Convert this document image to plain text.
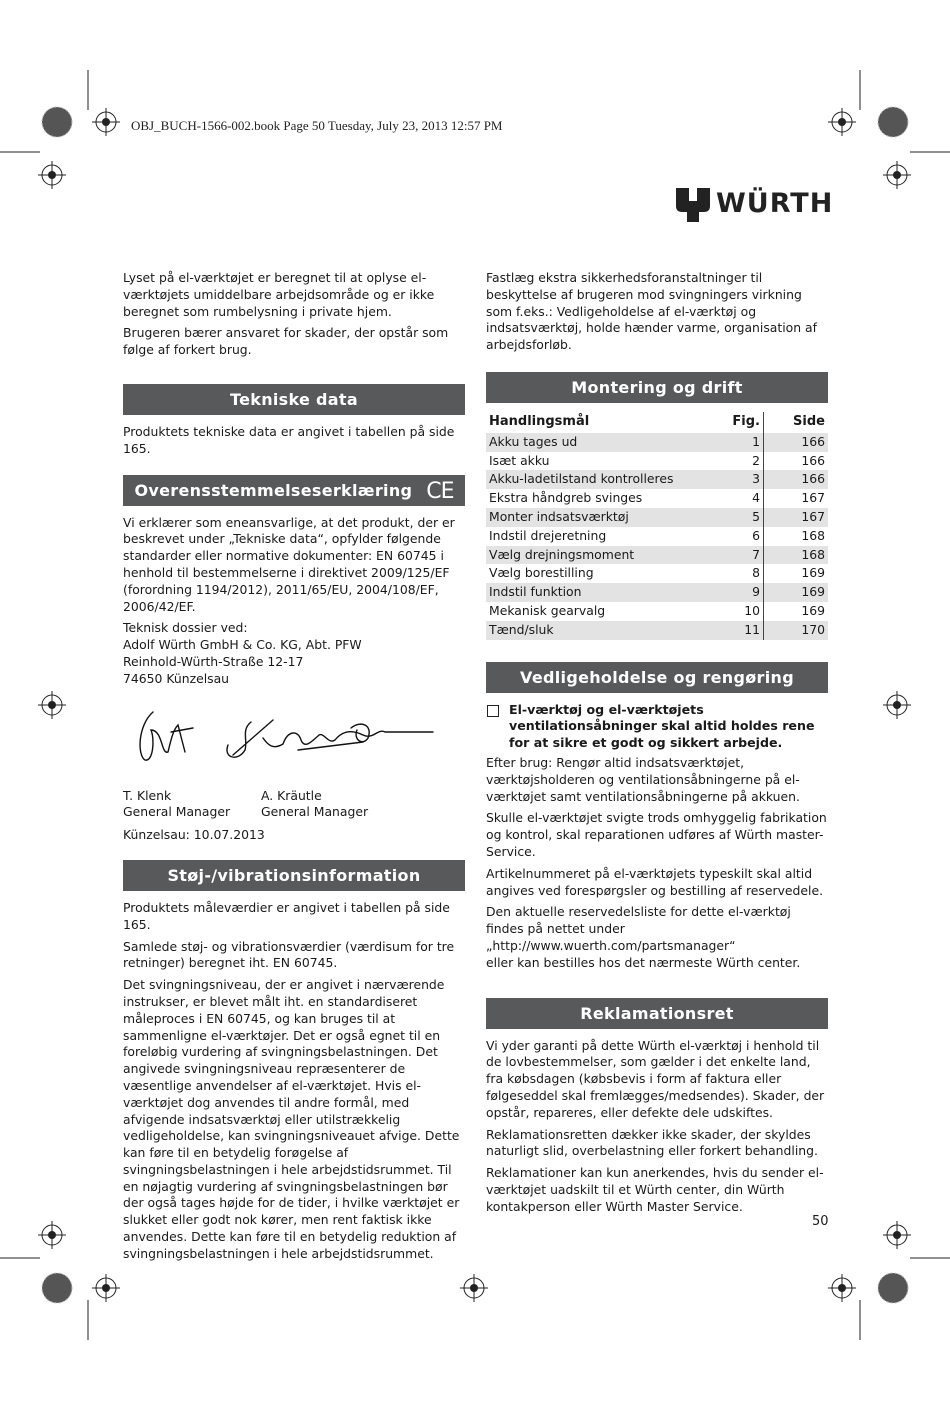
OBJ_BUCH-1566-002.book Page 50 Tuesday, July 23, 2013 12:57 PM
WÜRTH

Lyset på el-værktøjet er beregnet til at oplyse el-værktøjets umiddelbare arbejdsområde og er ikke beregnet som rumbelysning i private hjem.

Brugeren bærer ansvaret for skader, der opstår som følge af forkert brug.

Tekniske data

Produktets tekniske data er angivet i tabellen på side 165.

Overensstemmelseserklæring CE

Vi erklærer som eneansvarlige, at det produkt, der er beskrevet under „Tekniske data“, opfylder følgende standarder eller normative dokumenter: EN 60745 i henhold til bestemmelserne i direktivet 2009/125/EF (forordning 1194/2012), 2011/65/EU, 2004/108/EF, 2006/42/EF.

Teknisk dossier ved:
Adolf Würth GmbH & Co. KG, Abt. PFW
Reinhold-Würth-Straße 12-17
74650 Künzelsau
T. Klenk
General Manager
A. Kräutle
General Manager

Künzelsau: 10.07.2013

Støj-/vibrationsinformation

Produktets måleværdier er angivet i tabellen på side 165.

Samlede støj- og vibrationsværdier (værdisum for tre retninger) beregnet iht. EN 60745.

Det svingningsniveau, der er angivet i nærværende instrukser, er blevet målt iht. en standardiseret måleproces i EN 60745, og kan bruges til at sammenligne el-værktøjer. Det er også egnet til en foreløbig vurdering af svingningsbelastningen. Det angivede svingningsniveau repræsenterer de væsentlige anvendelser af el-værktøjet. Hvis el-værktøjet dog anvendes til andre formål, med afvigende indsatsværktøj eller utilstrækkelig vedligeholdelse, kan svingningsniveauet afvige. Dette kan føre til en betydelig forøgelse af svingningsbelastningen i hele arbejdstidsrummet. Til en nøjagtig vurdering af svingningsbelastningen bør der også tages højde for de tider, i hvilke værktøjet er slukket eller godt nok kører, men rent faktisk ikke anvendes. Dette kan føre til en betydelig reduktion af svingningsbelastningen i hele arbejdstidsrummet.

Fastlæg ekstra sikkerhedsforanstaltninger til beskyttelse af brugeren mod svingningers virkning som f.eks.: Vedligeholdelse af el-værktøj og indsatsværktøj, holde hænder varme, organisation af arbejdsforløb.

Montering og drift
Handlingsmål	Fig.	Side
Akku tages ud	1	166
Isæt akku	2	166
Akku-ladetilstand kontrolleres	3	166
Ekstra håndgreb svinges	4	167
Monter indsatsværktøj	5	167
Indstil drejeretning	6	168
Vælg drejningsmoment	7	168
Vælg borestilling	8	169
Indstil funktion	9	169
Mekanisk gearvalg	10	169
Tænd/sluk	11	170
Vedligeholdelse og rengøring
El-værktøj og el-værktøjets ventilationsåbninger skal altid holdes rene for at sikre et godt og sikkert arbejde.

Efter brug: Rengør altid indsatsværktøjet, værktøjsholderen og ventilationsåbningerne på el-værktøjet samt ventilationsåbningerne på akkuen.

Skulle el-værktøjet svigte trods omhyggelig fabrikation og kontrol, skal reparationen udføres af Würth master-Service.

Artikelnummeret på el-værktøjets typeskilt skal altid angives ved forespørgsler og bestilling af reservedele.

Den aktuelle reservedelsliste for dette el-værktøj findes på nettet under
„http://www.wuerth.com/partsmanager“
eller kan bestilles hos det nærmeste Würth center.
Reklamationsret

Vi yder garanti på dette Würth el-værktøj i henhold til de lovbestemmelser, som gælder i det enkelte land, fra købsdagen (købsbevis i form af faktura eller følgeseddel skal fremlægges/medsendes). Skader, der opstår, repareres, eller defekte dele udskiftes.

Reklamationsretten dækker ikke skader, der skyldes naturligt slid, overbelastning eller forkert behandling.

Reklamationer kan kun anerkendes, hvis du sender el-værktøjet uadskilt til et Würth center, din Würth kontakperson eller Würth Master Service.

50
